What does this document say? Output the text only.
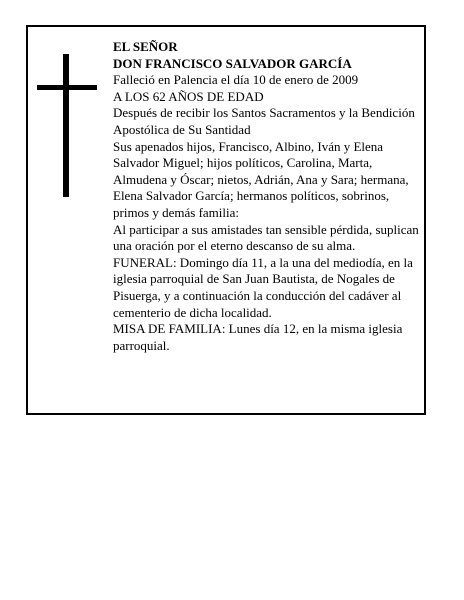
EL SEÑOR

DON FRANCISCO SALVADOR GARCÍA

Falleció en Palencia el día 10 de enero de 2009

A LOS 62 AÑOS DE EDAD

Después de recibir los Santos Sacramentos y la Bendición Apostólica de Su Santidad

Sus apenados hijos, Francisco, Albino, Iván y Elena Salvador Miguel; hijos políticos, Carolina, Marta, Almudena y Óscar; nietos, Adrián, Ana y Sara; hermana, Elena Salvador García; hermanos políticos, sobrinos, primos y demás familia:

Al participar a sus amistades tan sensible pérdida, suplican una oración por el eterno descanso de su alma.

FUNERAL: Domingo día 11, a la una del mediodía, en la iglesia parroquial de San Juan Bautista, de Nogales de Pisuerga, y a continuación la conducción del cadáver al cementerio de dicha localidad.

MISA DE FAMILIA: Lunes día 12, en la misma iglesia parroquial.
